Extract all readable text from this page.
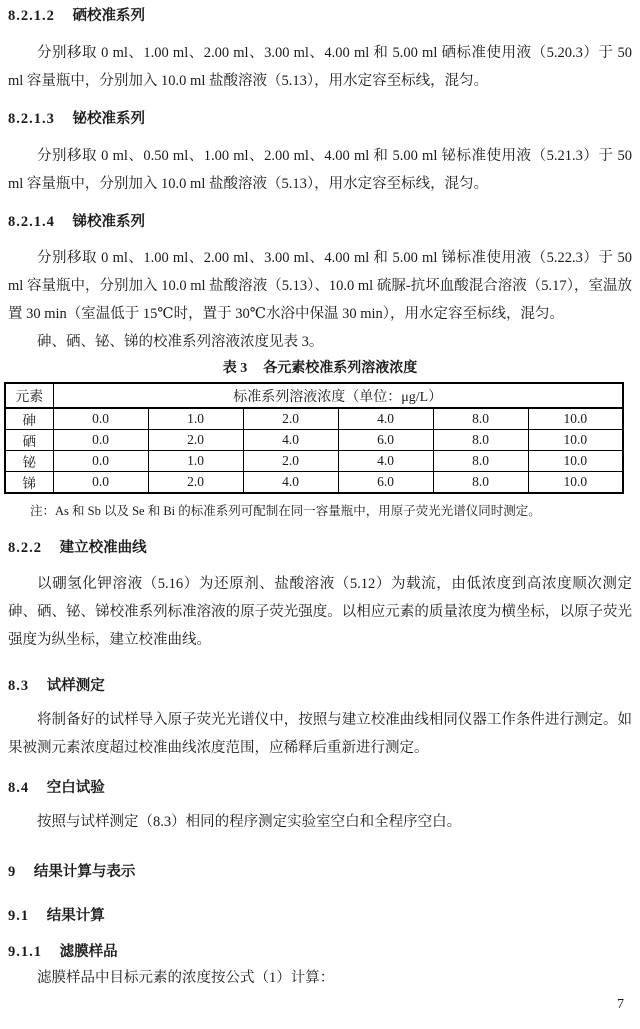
8.2.1.2 硒校准系列

分别移取 0 ml、1.00 ml、2.00 ml、3.00 ml、4.00 ml 和 5.00 ml 硒标准使用液（5.20.3）于 50 ml 容量瓶中，分别加入 10.0 ml 盐酸溶液（5.13），用水定容至标线，混匀。

8.2.1.3 铋校准系列

分别移取 0 ml、0.50 ml、1.00 ml、2.00 ml、4.00 ml 和 5.00 ml 铋标准使用液（5.21.3）于 50 ml 容量瓶中，分别加入 10.0 ml 盐酸溶液（5.13），用水定容至标线，混匀。

8.2.1.4 锑校准系列

分别移取 0 ml、1.00 ml、2.00 ml、3.00 ml、4.00 ml 和 5.00 ml 锑标准使用液（5.22.3）于 50 ml 容量瓶中，分别加入 10.0 ml 盐酸溶液（5.13）、10.0 ml 硫脲-抗坏血酸混合溶液（5.17），室温放置 30 min（室温低于 15℃时，置于 30℃水浴中保温 30 min），用水定容至标线，混匀。

砷、硒、铋、锑的校准系列溶液浓度见表 3。

表 3 各元素校准系列溶液浓度
元素	标准系列溶液浓度（单位：μg/L）					
砷	0.0	1.0	2.0	4.0	8.0	10.0
硒	0.0	2.0	4.0	6.0	8.0	10.0
铋	0.0	1.0	2.0	4.0	8.0	10.0
锑	0.0	2.0	4.0	6.0	8.0	10.0
注：As 和 Sb 以及 Se 和 Bi 的标准系列可配制在同一容量瓶中，用原子荧光光谱仪同时测定。
8.2.2 建立校准曲线

以硼氢化钾溶液（5.16）为还原剂、盐酸溶液（5.12）为载流，由低浓度到高浓度顺次测定砷、硒、铋、锑校准系列标准溶液的原子荧光强度。以相应元素的质量浓度为横坐标，以原子荧光强度为纵坐标，建立校准曲线。

8.3 试样测定

将制备好的试样导入原子荧光光谱仪中，按照与建立校准曲线相同仪器工作条件进行测定。如果被测元素浓度超过校准曲线浓度范围，应稀释后重新进行测定。

8.4 空白试验

按照与试样测定（8.3）相同的程序测定实验室空白和全程序空白。

9 结果计算与表示
9.1 结果计算
9.1.1 滤膜样品

滤膜样品中目标元素的浓度按公式（1）计算：

7
